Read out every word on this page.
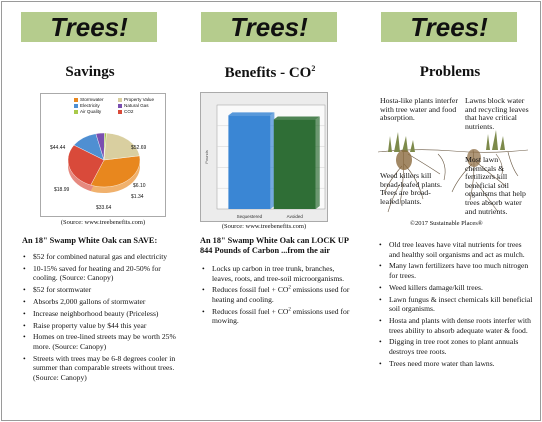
Trees!
Savings
Stormwater	Property Value
Electricity	Natural Gas
Air Quality	CO2
$52.69
$33.64
$18.99
$6.10
$1.34
$44.44
(Source: www.treebenefits.com)
An 18" Swamp White Oak can SAVE:
• $52 for combined natural gas and electricity
• 10-15% saved for heating and 20-50% for cooling. (Source: Canopy)
• $52 for stormwater
• Absorbs 2,000 gallons of stormwater
• Increase neighborhood beauty (Priceless)
• Raise property value by $44 this year
• Homes on tree-lined streets may be worth 25% more. (Source: Canopy)
• Streets with trees may be 6-8 degrees cooler in summer than comparable streets without trees. (Source: Canopy)
Trees!
Benefits - $CO^2$
Pounds
Sequestered	Avoided
(Source: www.treebenefits.com)
An 18" Swamp White Oak can LOCK UP 844 Pounds of Carbon ...from the air
• Locks up carbon in tree trunk, branches, leaves, roots, and tree-soil microorganisms.
• Reduces fossil fuel + $CO^2$ emissions used for heating and cooling.
• Reduces fossil fuel + $CO^2$ emissions used for mowing.
Trees!
Problems
Hosta-like plants interfer with tree water and food absorption.
Lawns block water and recycling leaves that have critical nutrients.
Weed killers kill broad-leafed plants. Trees are broad-leafed plants.
Most lawn chemicals & fertilizers kill beneficial soil organisms that help trees absorb water and nutrients.
©2017 Sustainable Places®
• Old tree leaves have vital nutrients for trees and healthy soil organisms and act as mulch.
• Many lawn fertilizers have too much nitrogen for trees.
• Weed killers damage/kill trees.
• Lawn fungus & insect chemicals kill beneficial soil organisms.
• Hosta and plants with dense roots interfer with trees ability to absorb adequate water & food.
• Digging in tree root zones to plant annuals destroys tree roots.
• Trees need more water than lawns.
